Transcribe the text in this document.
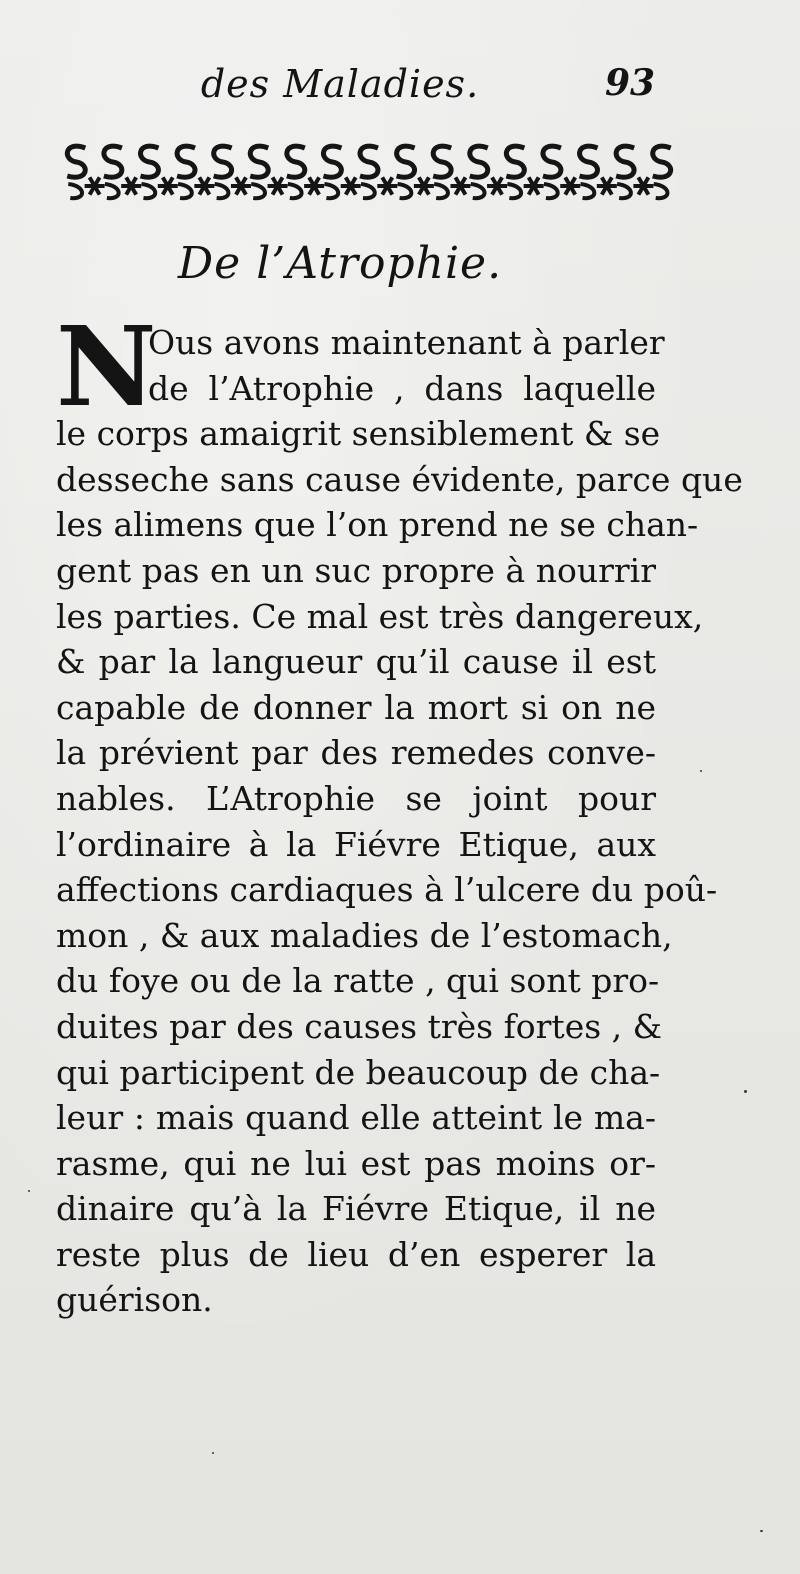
des Maladies.	93
De l’Atrophie.
N
Ous avons maintenant à parler
de l’Atrophie , dans laquelle
le corps amaigrit sensiblement & se
desseche sans cause évidente, parce que
les alimens que l’on prend ne se chan-
gent pas en un suc propre à nourrir
les parties. Ce mal est très dangereux,
& par la langueur qu’il cause il est
capable de donner la mort si on ne
la prévient par des remedes conve-
nables. L’Atrophie se joint pour
l’ordinaire à la Fiévre Etique, aux
affections cardiaques à l’ulcere du poû-
mon , & aux maladies de l’estomach,
du foye ou de la ratte , qui sont pro-
duites par des causes très fortes , &
qui participent de beaucoup de cha-
leur : mais quand elle atteint le ma-
rasme, qui ne lui est pas moins or-
dinaire qu’à la Fiévre Etique, il ne
reste plus de lieu d’en esperer la
guérison.
